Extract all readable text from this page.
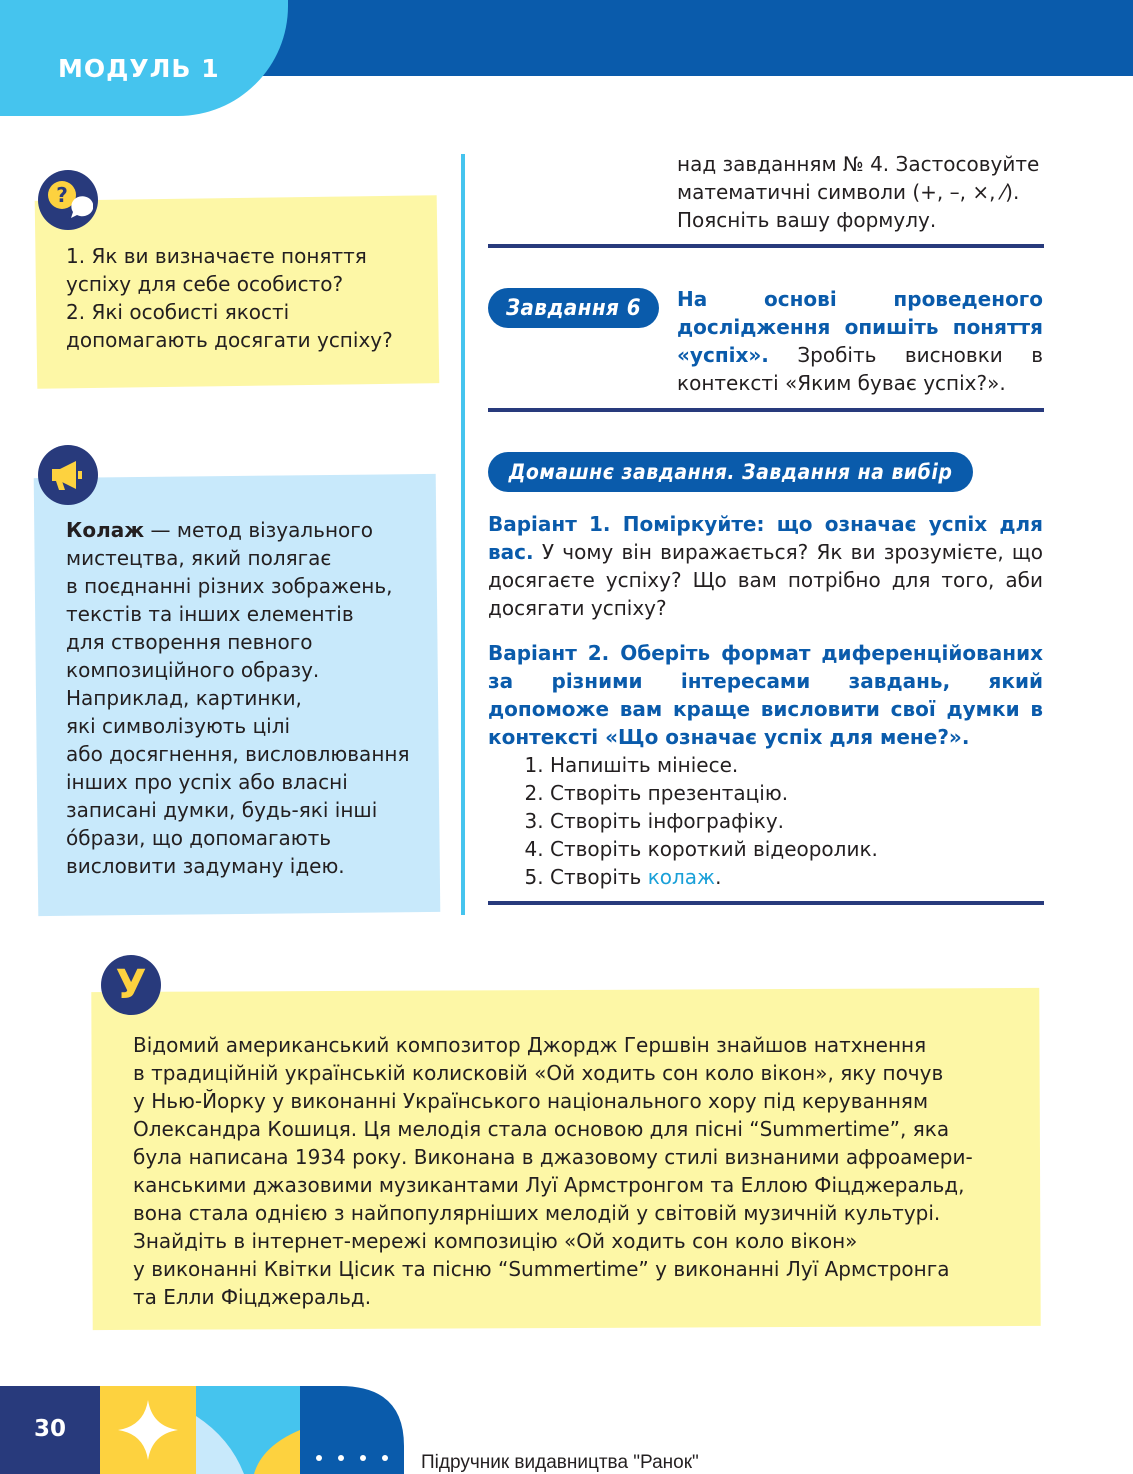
МОДУЛЬ 1
?
1. Як ви визначаєте поняття
успіху для себе особисто?
2. Які особисті якості
допомагають досягати успіху?
Колаж — метод візуального
мистецтва, який полягає
в поєднанні різних зображень,
текстів та інших елементів
для створення певного
композиційного образу.
Наприклад, картинки,
які символізують цілі
або досягнення, висловлювання
інших про успіх або власні
записані думки, будь-які інші
óбрази, що допомагають
висловити задуману ідею.
над завданням № 4. Застосовуйте
математичні символи (+, –, ×, ⁄).
Поясніть вашу формулу.
Завдання 6	На основі проведеного дослідження опишіть поняття «успіх». Зробіть висновки в контексті «Яким буває успіх?».
Домашнє завдання. Завдання на вибір
Варіант 1. Поміркуйте: що означає успіх для вас. У чому він виражається? Як ви зрозумієте, що досягаєте успіху? Що вам потрібно для того, аби досягати успіху?
Варіант 2. Оберіть формат диференційованих за різними інтересами завдань, який допоможе вам краще висловити свої думки в контексті «Що означає успіх для мене?».
1. Напишіть мініесе.
2. Створіть презентацію.
3. Створіть інфографіку.
4. Створіть короткий відеоролик.
5. Створіть колаж.
У
Відомий американський композитор Джордж Гершвін знайшов натхнення
в традиційній українській колисковій «Ой ходить сон коло вікон», яку почув
у Нью-Йорку у виконанні Українського національного хору під керуванням
Олександра Кошиця. Ця мелодія стала основою для пісні “Summertime”, яка
була написана 1934 року. Виконана в джазовому стилі визнаними афроамери-
канськими джазовими музикантами Луї Армстронгом та Еллою Фіцджеральд,
вона стала однією з найпопулярніших мелодій у світовій музичній культурі.
Знайдіть в інтернет-мережі композицію «Ой ходить сон коло вікон»
у виконанні Квітки Цісик та пісню “Summertime” у виконанні Луї Армстронга
та Елли Фіцджеральд.
30
Підручник видавництва "Ранок"
